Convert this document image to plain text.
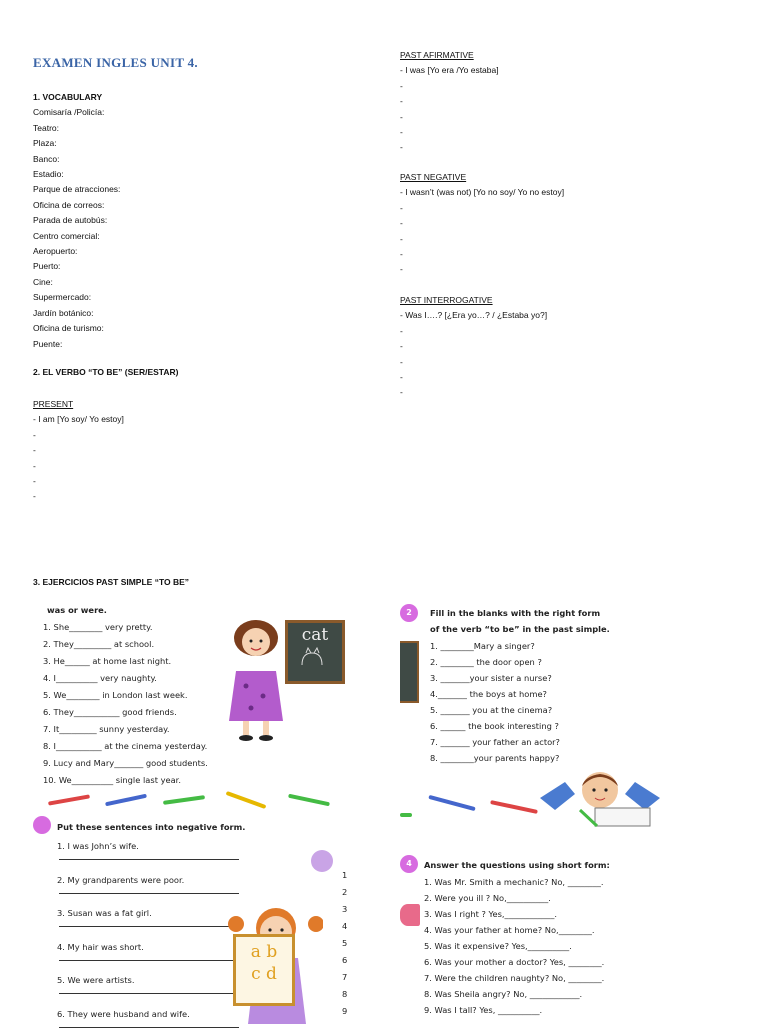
EXAMEN INGLES UNIT 4.
1. VOCABULARY
Comisaría /Policía:
Teatro:
Plaza:
Banco:
Estadio:
Parque de atracciones:
Oficina de correos:
Parada de autobús:
Centro comercial:
Aeropuerto:
Puerto:
Cine:
Supermercado:
Jardín botánico:
Oficina de turismo:
Puente:
2. EL VERBO “TO BE” (SER/ESTAR)
PRESENT
- I am [Yo soy/ Yo estoy]
-
-
-
-
-
PAST AFIRMATIVE
- I was [Yo era /Yo estaba]
-
-
-
-
-
PAST NEGATIVE
- I wasn’t (was not) [Yo no soy/ Yo no estoy]
-
-
-
-
-
PAST INTERROGATIVE
- Was I….? [¿Era yo…? / ¿Estaba yo?]
-
-
-
-
-
3. EJERCICIOS PAST SIMPLE “TO BE”
was or were.
1. She________ very pretty.
2. They_________ at school.
3. He______ at home last night.
4. I__________ very naughty.
5. We________ in London last week.
6. They___________ good friends.
7. It_________ sunny yesterday.
8. I___________ at the cinema yesterday.
9. Lucy and Mary_______ good students.
10. We__________ single last year.
cat
2	Fill in the blanks with the right form
of the verb “to be” in the past simple.
1. ________Mary a singer?
2. ________ the door open ?
3. _______your sister a nurse?
4._______ the boys at home?
5. _______ you at the cinema?
6. ______ the book interesting ?
7. _______ your father an actor?
8. ________your parents happy?
Put these sentences into negative form.
1. I was John’s wife.
2. My grandparents were poor.
3. Susan was a fat girl.
4. My hair was short.
5. We were artists.
6. They were husband and wife.
1
2
3
4
5
6
7
8
9
a b
c d
4	Answer the questions using short form:
1. Was Mr. Smith a mechanic? No, ________.
2. Were you ill ? No,__________.
3. Was I right ? Yes,____________.
4. Was your father at home? No,________.
5. Was it expensive? Yes,__________.
6. Was your mother a doctor? Yes, ________.
7. Were the children naughty? No, ________.
8. Was Sheila angry? No, ____________.
9. Was I tall? Yes, __________.
